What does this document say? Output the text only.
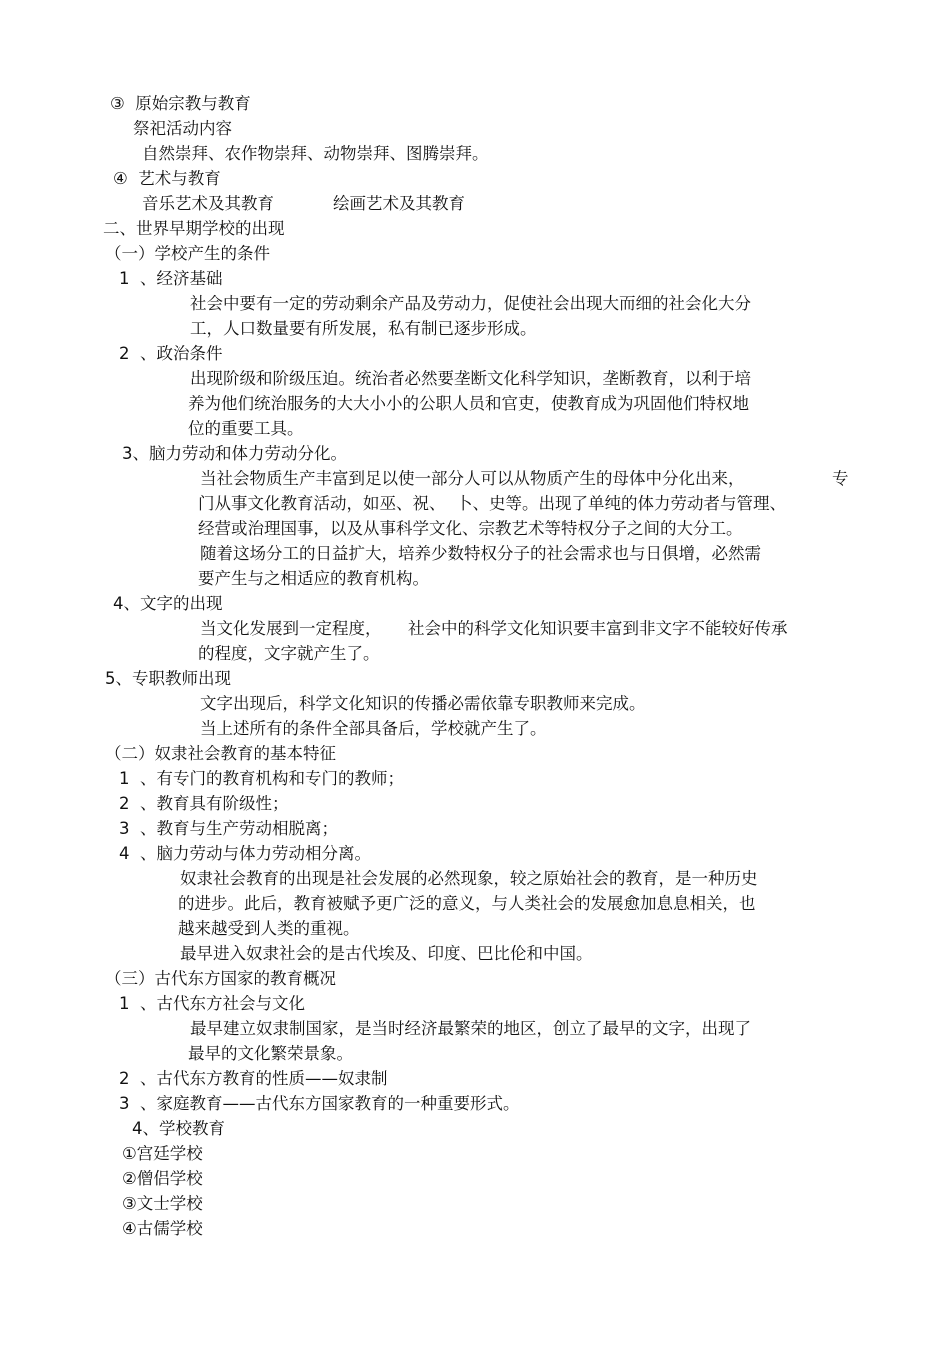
③  原始宗教与教育
祭祀活动内容
自然崇拜、农作物崇拜、动物崇拜、图腾崇拜。
④  艺术与教育
音乐艺术及其教育	绘画艺术及其教育
二、世界早期学校的出现
（一）学校产生的条件
1  、经济基础
社会中要有一定的劳动剩余产品及劳动力，促使社会出现大而细的社会化大分
工，人口数量要有所发展，私有制已逐步形成。
2  、政治条件
出现阶级和阶级压迫。统治者必然要垄断文化科学知识，垄断教育，以利于培
养为他们统治服务的大大小小的公职人员和官吏，使教育成为巩固他们特权地
位的重要工具。
3、脑力劳动和体力劳动分化。
当社会物质生产丰富到足以使一部分人可以从物质产生的母体中分化出来，	专
门从事文化教育活动，如巫、祝、  卜、史等。出现了单纯的体力劳动者与管理、
经营或治理国事，以及从事科学文化、宗教艺术等特权分子之间的大分工。
随着这场分工的日益扩大，培养少数特权分子的社会需求也与日俱增，必然需
要产生与之相适应的教育机构。
4、文字的出现
当文化发展到一定程度， 社会中的科学文化知识要丰富到非文字不能较好传承
的程度，文字就产生了。
5、专职教师出现
文字出现后，科学文化知识的传播必需依靠专职教师来完成。
当上述所有的条件全部具备后，学校就产生了。
（二）奴隶社会教育的基本特征
1  、有专门的教育机构和专门的教师；
2  、教育具有阶级性；
3  、教育与生产劳动相脱离；
4  、脑力劳动与体力劳动相分离。
奴隶社会教育的出现是社会发展的必然现象，较之原始社会的教育，是一种历史
的进步。此后，教育被赋予更广泛的意义，与人类社会的发展愈加息息相关，也
越来越受到人类的重视。
最早进入奴隶社会的是古代埃及、印度、巴比伦和中国。
（三）古代东方国家的教育概况
1  、古代东方社会与文化
最早建立奴隶制国家，是当时经济最繁荣的地区，创立了最早的文字，出现了
最早的文化繁荣景象。
2  、古代东方教育的性质——奴隶制
3  、家庭教育——古代东方国家教育的一种重要形式。
4、学校教育
①宫廷学校
②僧侣学校
③文士学校
④古儒学校
